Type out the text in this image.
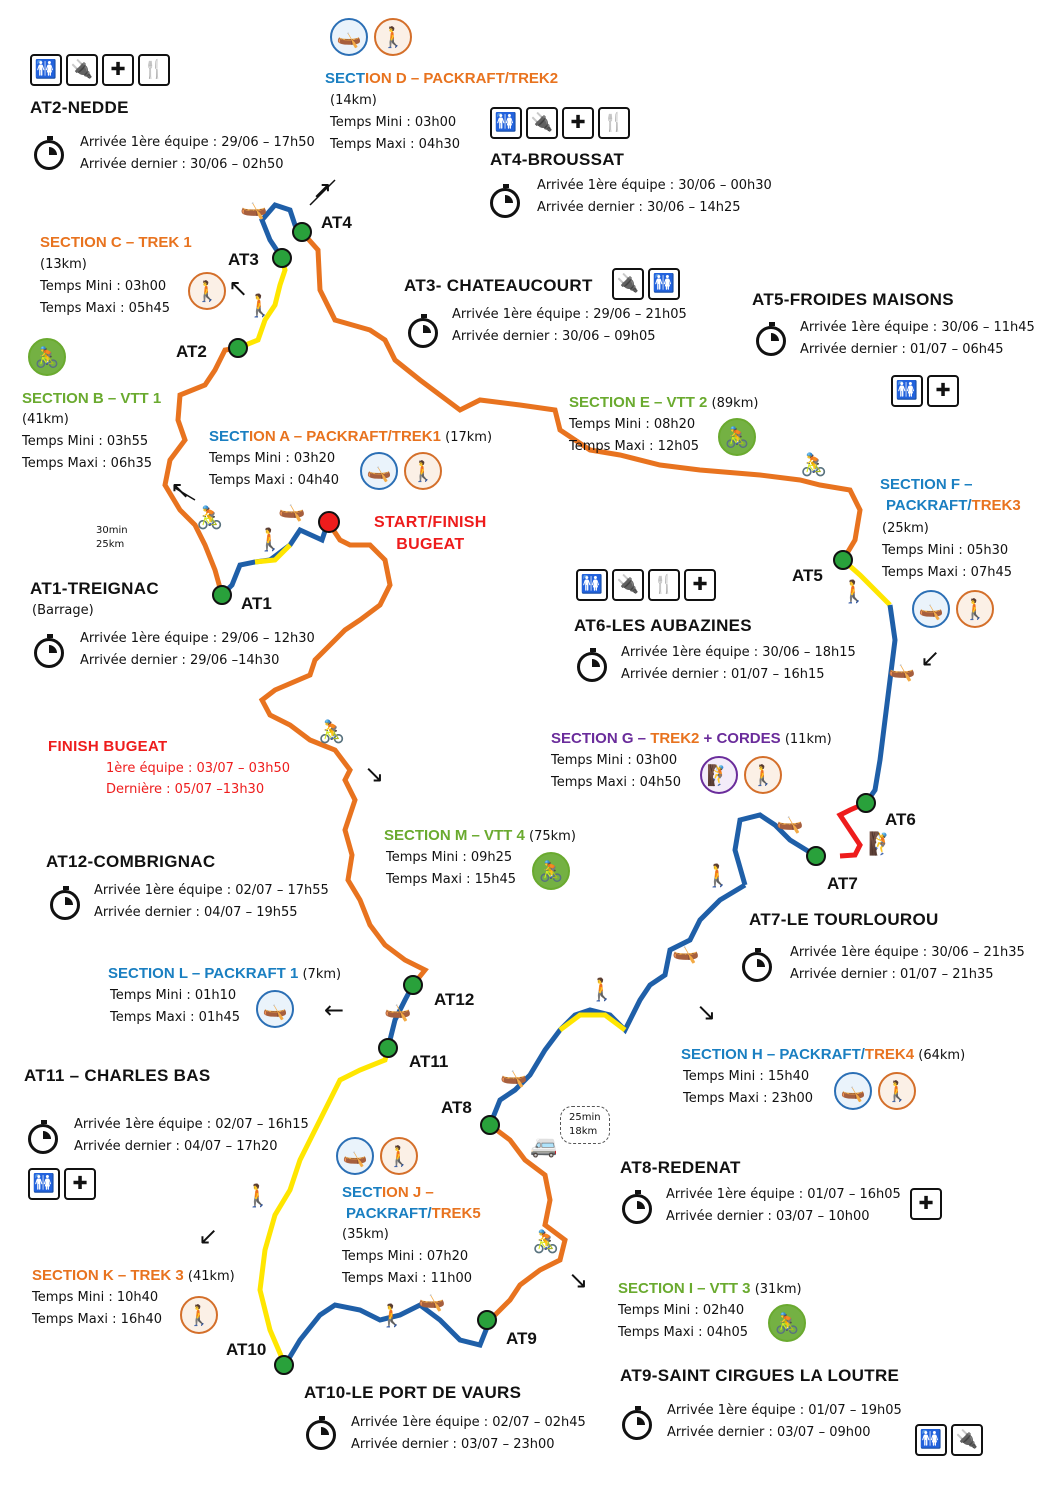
AT1
AT2
AT3
AT4
AT5
AT6
AT7
AT8
AT9
AT10
AT11
AT12
START/FINISH
BUGEAT
FINISH BUGEAT
1ère équipe : 03/07 – 03h50
Dernière : 05/07 –13h30
🚻 🔌 ✚ 🍴
AT2-NEDDE
Arrivée 1ère équipe : 29/06 – 17h50
Arrivée dernier : 30/06 – 02h50
🛶 🚶
SECTION D – PACKRAFT/TREK2
(14km)
Temps Mini : 03h00
Temps Maxi : 04h30
🚻 🔌 ✚ 🍴
AT4-BROUSSAT
Arrivée 1ère équipe : 30/06 – 00h30
Arrivée dernier : 30/06 – 14h25
SECTION C – TREK 1
(13km)
Temps Mini : 03h00
Temps Maxi : 05h45
🚶	AT3- CHATEAUCOURT 🔌 🚻
Arrivée 1ère équipe : 29/06 – 21h05
Arrivée dernier : 30/06 – 09h05
AT5-FROIDES MAISONS
Arrivée 1ère équipe : 30/06 – 11h45
Arrivée dernier : 01/07 – 06h45
🚻 ✚
🚴
SECTION B – VTT 1
(41km)
Temps Mini : 03h55
Temps Maxi : 06h35
SECTION A – PACKRAFT/TREK1 (17km)
Temps Mini : 03h20
Temps Maxi : 04h40	🛶 🚶
SECTION E – VTT 2 (89km)
Temps Mini : 08h20
Temps Maxi : 12h05	🚴
SECTION F –
PACKRAFT/TREK3
(25km)
Temps Mini : 05h30
Temps Maxi : 07h45
🛶 🚶
30min
25km
AT1-TREIGNAC
(Barrage)
Arrivée 1ère équipe : 29/06 – 12h30
Arrivée dernier : 29/06 –14h30
🚻 🔌 🍴 ✚
AT6-LES AUBAZINES
Arrivée 1ère équipe : 30/06 – 18h15
Arrivée dernier : 01/07 – 16h15
SECTION G – TREK2 + CORDES (11km)
Temps Mini : 03h00
Temps Maxi : 04h50	🧗 🚶
SECTION M – VTT 4 (75km)
Temps Mini : 09h25
Temps Maxi : 15h45	🚴
AT12-COMBRIGNAC
Arrivée 1ère équipe : 02/07 – 17h55
Arrivée dernier : 04/07 – 19h55	AT7-LE TOURLOUROU
Arrivée 1ère équipe : 30/06 – 21h35
Arrivée dernier : 01/07 – 21h35
SECTION L – PACKRAFT 1 (7km)
Temps Mini : 01h10
Temps Maxi : 01h45	🛶
SECTION H – PACKRAFT/TREK4 (64km)
Temps Mini : 15h40
Temps Maxi : 23h00	🛶 🚶
AT11 – CHARLES BAS
Arrivée 1ère équipe : 02/07 – 16h15
Arrivée dernier : 04/07 – 17h20
🚻 ✚
25min
18km
🚐
AT8-REDENAT
Arrivée 1ère équipe : 01/07 – 16h05
Arrivée dernier : 03/07 – 10h00
✚
🛶 🚶
SECTION J –
PACKRAFT/TREK5
(35km)
Temps Mini : 07h20
Temps Maxi : 11h00
SECTION K – TREK 3 (41km)
Temps Mini : 10h40
Temps Maxi : 16h40	🚶
SECTION I – VTT 3 (31km)
Temps Mini : 02h40
Temps Maxi : 04h05	🚴
AT9-SAINT CIRGUES LA LOUTRE
Arrivée 1ère équipe : 01/07 – 19h05
Arrivée dernier : 03/07 – 09h00	🚻 🔌
AT10-LE PORT DE VAURS
Arrivée 1ère équipe : 02/07 – 02h45
Arrivée dernier : 03/07 – 23h00
🛶
🚶
🚴 🛶
🚶
🚴
🚶
🛶
🧗
🛶
🚶
🚴
🛶
🚶
🛶
🛶
🚴
🚶
🛶
🚶
↗
↖
↖
↙
↘
←	↘
↙
↘
